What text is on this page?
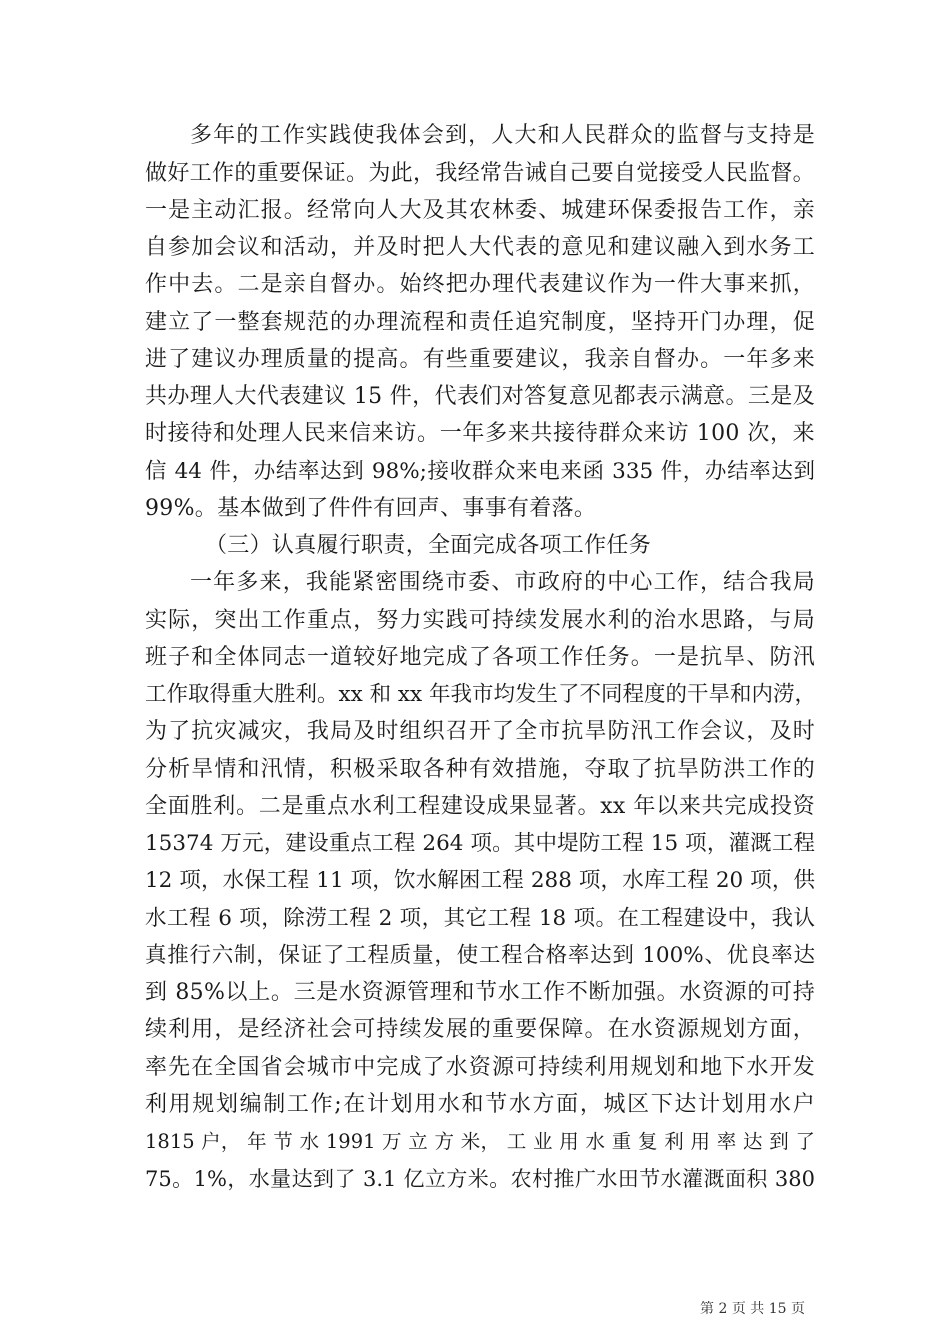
多年的工作实践使我体会到，人大和人民群众的监督与支持是
做好工作的重要保证。为此，我经常告诫自己要自觉接受人民监督。
一是主动汇报。经常向人大及其农林委、城建环保委报告工作，亲
自参加会议和活动，并及时把人大代表的意见和建议融入到水务工
作中去。二是亲自督办。始终把办理代表建议作为一件大事来抓，
建立了一整套规范的办理流程和责任追究制度，坚持开门办理，促
进了建议办理质量的提高。有些重要建议，我亲自督办。一年多来
共办理人大代表建议 15 件，代表们对答复意见都表示满意。三是及
时接待和处理人民来信来访。一年多来共接待群众来访 100 次，来
信 44 件，办结率达到 98%;接收群众来电来函 335 件，办结率达到
99%。基本做到了件件有回声、事事有着落。
（三）认真履行职责，全面完成各项工作任务
一年多来，我能紧密围绕市委、市政府的中心工作，结合我局
实际，突出工作重点，努力实践可持续发展水利的治水思路，与局
班子和全体同志一道较好地完成了各项工作任务。一是抗旱、防汛
工作取得重大胜利。xx 和 xx 年我市均发生了不同程度的干旱和内涝，
为了抗灾减灾，我局及时组织召开了全市抗旱防汛工作会议，及时
分析旱情和汛情，积极采取各种有效措施，夺取了抗旱防洪工作的
全面胜利。二是重点水利工程建设成果显著。xx 年以来共完成投资
15374 万元，建设重点工程 264 项。其中堤防工程 15 项，灌溉工程
12 项，水保工程 11 项，饮水解困工程 288 项，水库工程 20 项，供
水工程 6 项，除涝工程 2 项，其它工程 18 项。在工程建设中，我认
真推行六制，保证了工程质量，使工程合格率达到 100%、优良率达
到 85%以上。三是水资源管理和节水工作不断加强。水资源的可持
续利用，是经济社会可持续发展的重要保障。在水资源规划方面，
率先在全国省会城市中完成了水资源可持续利用规划和地下水开发
利用规划编制工作;在计划用水和节水方面，城区下达计划用水户
1815 户， 年 节 水 1991 万 立 方 米， 工 业 用 水 重 复 利 用 率 达 到 了
75。1%，水量达到了 3.1 亿立方米。农村推广水田节水灌溉面积 380
第 2 页 共 15 页
